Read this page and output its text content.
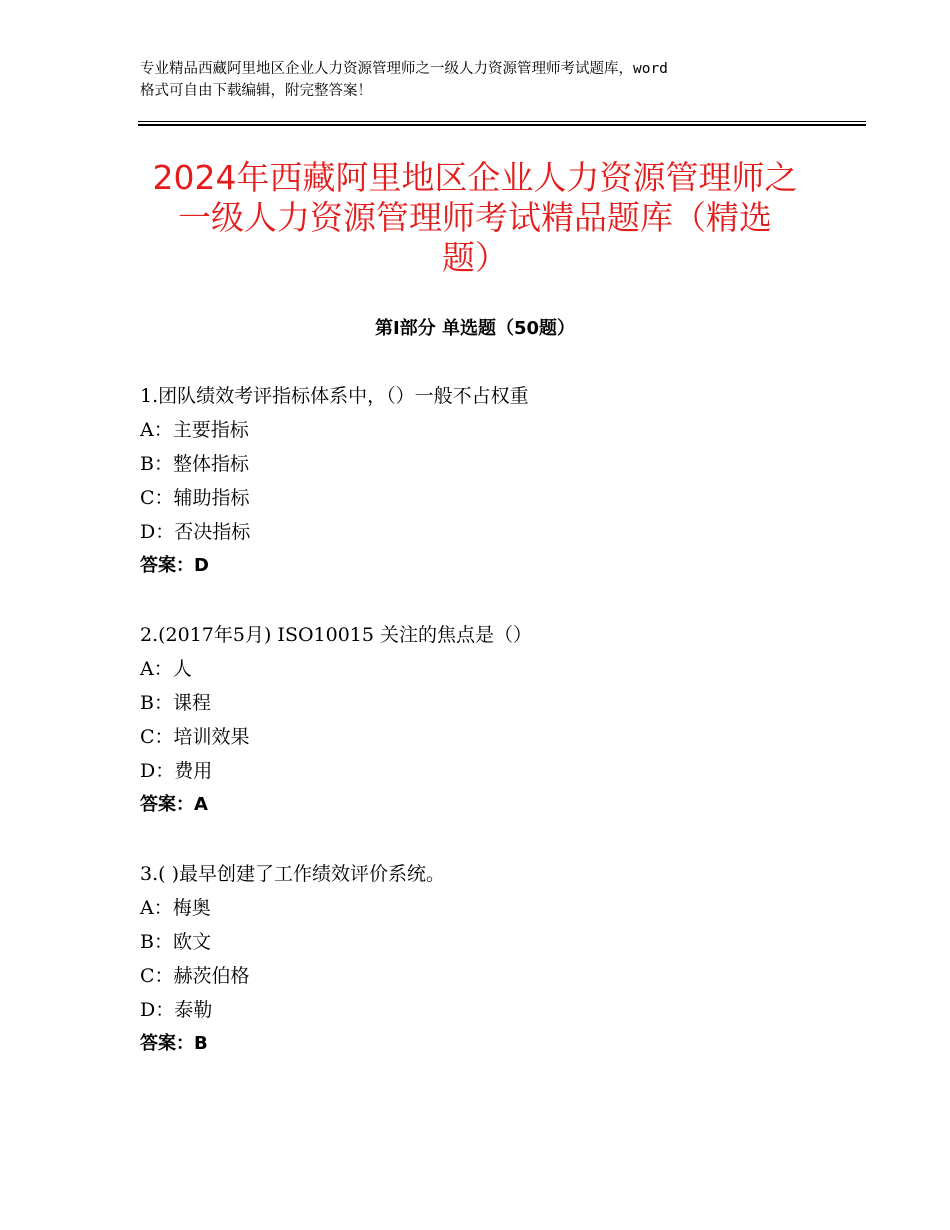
专业精品西藏阿里地区企业人力资源管理师之一级人力资源管理师考试题库，word
格式可自由下载编辑，附完整答案！
2024年西藏阿里地区企业人力资源管理师之
一级人力资源管理师考试精品题库（精选
题）
第Ⅰ部分 单选题（50题）
1.团队绩效考评指标体系中，（）一般不占权重
A：主要指标
B：整体指标
C：辅助指标
D：否决指标
答案：D
2.(2017年5月) ISO10015 关注的焦点是（）
A：人
B：课程
C：培训效果
D：费用
答案：A
3.( )最早创建了工作绩效评价系统。
A：梅奥
B：欧文
C：赫茨伯格
D：泰勒
答案：B
